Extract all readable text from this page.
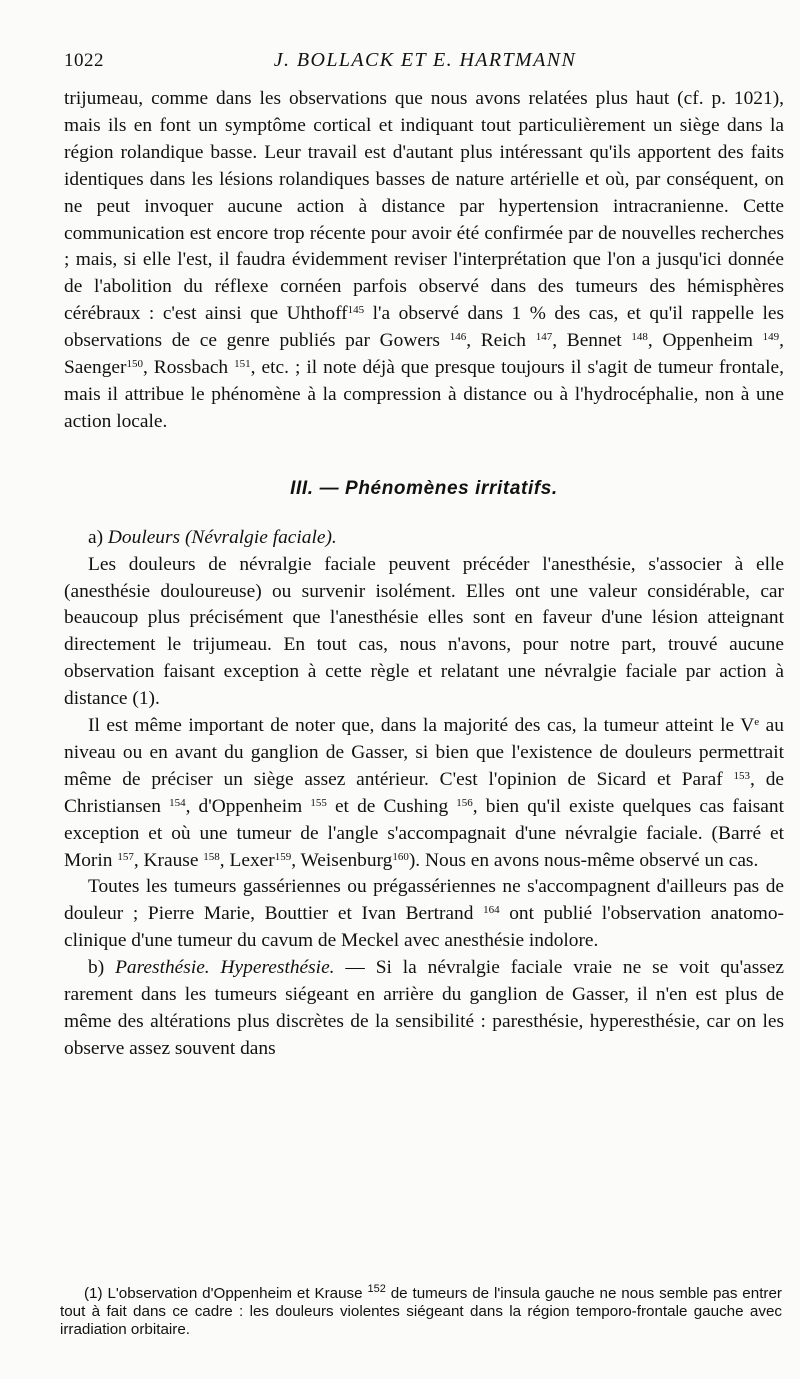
1022	J. BOLLACK ET E. HARTMANN

trijumeau, comme dans les observations que nous avons relatées plus haut (cf. p. 1021), mais ils en font un symptôme cortical et indiquant tout particulièrement un siège dans la région rolandique basse. Leur travail est d'autant plus intéressant qu'ils apportent des faits identiques dans les lésions rolandiques basses de nature artérielle et où, par conséquent, on ne peut invoquer aucune action à distance par hypertension intracranienne. Cette communication est encore trop récente pour avoir été confirmée par de nouvelles recherches ; mais, si elle l'est, il faudra évidemment reviser l'interprétation que l'on a jusqu'ici donnée de l'abolition du réflexe cornéen parfois observé dans des tumeurs des hémisphères cérébraux : c'est ainsi que Uhthoff$^{145}$ l'a observé dans 1 % des cas, et qu'il rappelle les observations de ce genre publiés par Gowers $^{146}$, Reich $^{147}$, Bennet $^{148}$, Oppenheim $^{149}$, Saenger$^{150}$, Rossbach $^{151}$, etc. ; il note déjà que presque toujours il s'agit de tumeur frontale, mais il attribue le phénomène à la compression à distance ou à l'hydrocéphalie, non à une action locale.

III. — Phénomènes irritatifs.

a) Douleurs (Névralgie faciale).

Les douleurs de névralgie faciale peuvent précéder l'anesthésie, s'associer à elle (anesthésie douloureuse) ou survenir isolément. Elles ont une valeur considérable, car beaucoup plus précisément que l'anesthésie elles sont en faveur d'une lésion atteignant directement le trijumeau. En tout cas, nous n'avons, pour notre part, trouvé aucune observation faisant exception à cette règle et relatant une névralgie faciale par action à distance (1).

Il est même important de noter que, dans la majorité des cas, la tumeur atteint le Ve au niveau ou en avant du ganglion de Gasser, si bien que l'existence de douleurs permettrait même de préciser un siège assez antérieur. C'est l'opinion de Sicard et Paraf $^{153}$, de Christiansen $^{154}$, d'Oppenheim $^{155}$ et de Cushing $^{156}$, bien qu'il existe quelques cas faisant exception et où une tumeur de l'angle s'accompagnait d'une névralgie faciale. (Barré et Morin $^{157}$, Krause $^{158}$, Lexer$^{159}$, Weisenburg$^{160}$). Nous en avons nous-même observé un cas.

Toutes les tumeurs gassériennes ou prégassériennes ne s'accompagnent d'ailleurs pas de douleur ; Pierre Marie, Bouttier et Ivan Bertrand $^{164}$ ont publié l'observation anatomo-clinique d'une tumeur du cavum de Meckel avec anesthésie indolore.

b) Paresthésie. Hyperesthésie. — Si la névralgie faciale vraie ne se voit qu'assez rarement dans les tumeurs siégeant en arrière du ganglion de Gasser, il n'en est plus de même des altérations plus discrètes de la sensibilité : paresthésie, hyperesthésie, car on les observe assez souvent dans

(1) L'observation d'Oppenheim et Krause $^{152}$ de tumeurs de l'insula gauche ne nous semble pas entrer tout à fait dans ce cadre : les douleurs violentes siégeant dans la région temporo-frontale gauche avec irradiation orbitaire.
